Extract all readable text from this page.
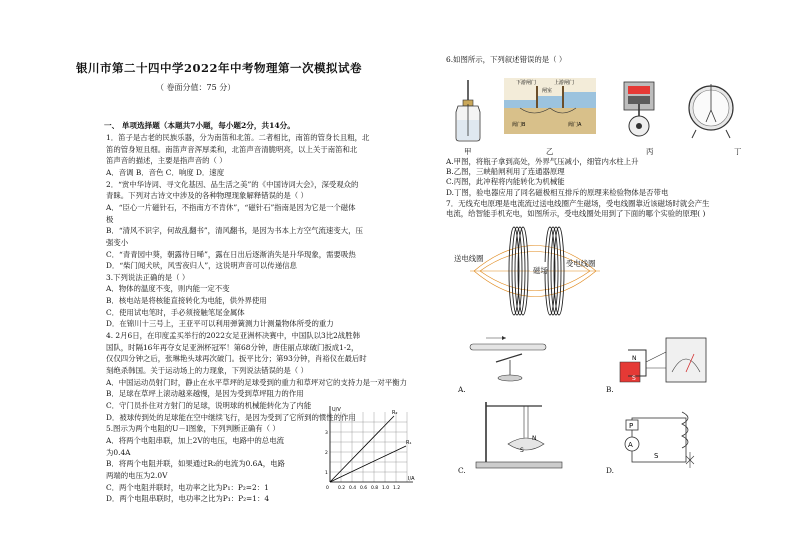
银川市第二十四中学2022年中考物理第一次模拟试卷
（ 卷面分值：75 分）
一、 单项选择题（本题共7小题，每小题2分，共14分。
1．笛子是古老的民族乐器，分为南笛和北笛。二者相比，南笛的管身长且粗，北
笛的管身短且细。南笛声音浑厚柔和，北笛声音清脆明亮，以上关于南笛和北
笛声音的描述，主要是指声音的（ ）
A．音调 B．音色 C．响度 D．速度
2．“赏中华诗词、寻文化基因、品生活之美”的《中国诗词大会》，深受观众的
青睐。下列对古诗文中涉及的各种物理现象解释错误的是（ ）
A．“臣心一片磁针石，不指南方不肯休”，“磁针石”指南是因为它是一个磁体
极
B．“清风不识字，何故乱翻书”，清风翻书，是因为书本上方空气流速变大，压
强变小
C．“青青园中葵，朝露待日晞”，露在日出后逐渐消失是升华现象，需要吸热
D．“柴门闻犬吠，风雪夜归人”，这说明声音可以传递信息
3.下列说法正确的是（ ）
A．物体的温度不变，则内能一定不变
B．核电站是将核能直接转化为电能，供外界使用
C．使用试电笔时，手必须接触笔尾金属体
D．在锦川十三号上，王亚平可以利用弹簧测力计测量物体所受的重力
4. 2月6日，在印度孟买举行的2022女足亚洲杯决赛中，中国队以3比2战胜韩
国队，时隔16年再夺女足亚洲杯冠军！第68分钟，唐佳丽点球破门扳成1-2，
仅仅四分钟之后，张琳艳头球再次破门。扳平比分；第93分钟，肖裕仪在最后时
刻绝杀韩国。关于运动场上的力现象，下列说法错误的是（ ）
A．中国运动员射门时，静止在水平草坪的足球受到的重力和草坪对它的支持力是一对平衡力
B．足球在草坪上滚动越来越慢，是因为受到草坪阻力的作用
C．守门员扑住对方射门的足球，说明球的机械能转化为了内能
D．被球传到处的足球能在空中继续飞行，是因为受到了它所到的惯性的作用
5.图示为两个电阻的U－I图象，下列判断正确有（ ）
A．将两个电阻串联，加上2V的电压，电路中的总电流
为0.4A
B．将两个电阻并联，如果通过R₂的电流为0.6A，电路
两端的电压为2.0V
C．两个电阻并联时，电功率之比为P₁：P₂=2：1
D．两个电阻串联时，电功率之比为P₁：P₂=1：4
U/V
I/A
R₂
R₁
1
2
3
0 0.2 0.4 0.6 0.8 1.0 1.2
6.如图所示，下列叙述错误的是（ ）
甲
下游闸门	上游闸门
闸室
阀门B	阀门A
乙	丙	丁
A.甲图，将瓶子拿到高处，外界气压减小，细管内水柱上升
B.乙图，三峡船闸利用了连通器原理
C.丙图，此冲程将内能转化为机械能
D.丁图，验电器应用了同名磁极相互排斥的原理来检验物体是否带电
7．无线充电原理是电流流过送电线圈产生磁场，受电线圈靠近该磁场时就会产生
电流，给智能手机充电，如图所示，受电线圈处用到了下面的哪个实验的原理( )
送电线圈
磁场
受电线圈
A.
N
S
B.
N
S
C.
P
A
S
D.
